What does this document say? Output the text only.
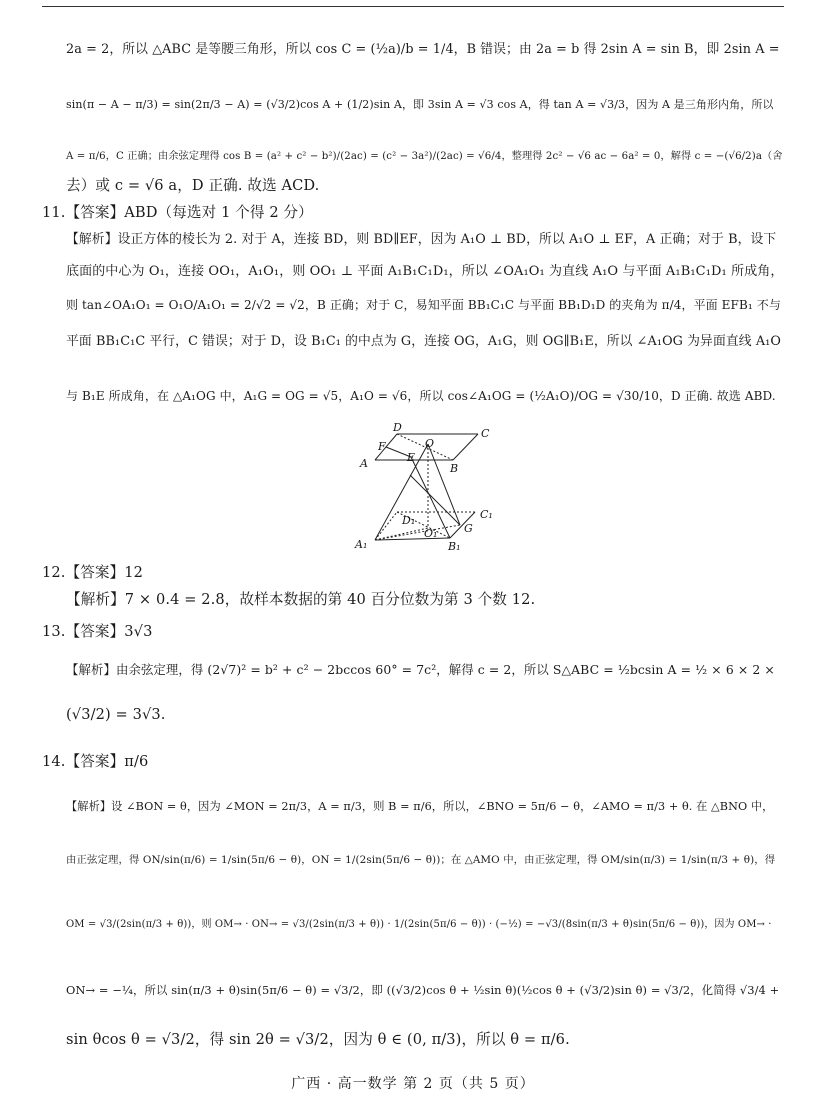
2a = 2，所以 △ABC 是等腰三角形，所以 cos C = (½a)/b = 1/4，B 错误；由 2a = b 得 2sin A = sin B，即 2sin A =
sin(π − A − π/3) = sin(2π/3 − A) = (√3/2)cos A + (1/2)sin A，即 3sin A = √3 cos A，得 tan A = √3/3，因为 A 是三角形内角，所以
A = π/6，C 正确；由余弦定理得 cos B = (a² + c² − b²)/(2ac) = (c² − 3a²)/(2ac) = √6/4，整理得 2c² − √6 ac − 6a² = 0，解得 c = −(√6/2)a（舍
去）或 c = √6 a，D 正确. 故选 ACD.
11.【答案】ABD（每选对 1 个得 2 分）
【解析】设正方体的棱长为 2. 对于 A，连接 BD，则 BD∥EF，因为 A₁O ⊥ BD，所以 A₁O ⊥ EF，A 正确；对于 B，设下
底面的中心为 O₁，连接 OO₁，A₁O₁，则 OO₁ ⊥ 平面 A₁B₁C₁D₁，所以 ∠OA₁O₁ 为直线 A₁O 与平面 A₁B₁C₁D₁ 所成角，
则 tan∠OA₁O₁ = O₁O/A₁O₁ = 2/√2 = √2，B 正确；对于 C，易知平面 BB₁C₁C 与平面 BB₁D₁D 的夹角为 π/4，平面 EFB₁ 不与
平面 BB₁C₁C 平行，C 错误；对于 D，设 B₁C₁ 的中点为 G，连接 OG，A₁G，则 OG∥B₁E，所以 ∠A₁OG 为异面直线 A₁O
与 B₁E 所成角，在 △A₁OG 中，A₁G = OG = √5，A₁O = √6，所以 cos∠A₁OG = (½A₁O)/OG = √30/10，D 正确. 故选 ABD.
12.【答案】12
【解析】7 × 0.4 = 2.8，故样本数据的第 40 百分位数为第 3 个数 12.
13.【答案】3√3
【解析】由余弦定理，得 (2√7)² = b² + c² − 2bccos 60° = 7c²，解得 c = 2，所以 S△ABC = ½bcsin A = ½ × 6 × 2 ×
(√3/2) = 3√3.
14.【答案】π/6
【解析】设 ∠BON = θ，因为 ∠MON = 2π/3，A = π/3，则 B = π/6，所以，∠BNO = 5π/6 − θ，∠AMO = π/3 + θ. 在 △BNO 中，
由正弦定理，得 ON/sin(π/6) = 1/sin(5π/6 − θ)，ON = 1/(2sin(5π/6 − θ))；在 △AMO 中，由正弦定理，得 OM/sin(π/3) = 1/sin(π/3 + θ)，得
OM = √3/(2sin(π/3 + θ))，则 OM→ · ON→ = √3/(2sin(π/3 + θ)) · 1/(2sin(5π/6 − θ)) · (−½) = −√3/(8sin(π/3 + θ)sin(5π/6 − θ))，因为 OM→ ·
ON→ = −¼，所以 sin(π/3 + θ)sin(5π/6 − θ) = √3/2，即 ((√3/2)cos θ + ½sin θ)(½cos θ + (√3/2)sin θ) = √3/2，化简得 √3/4 +
sin θcos θ = √3/2，得 sin 2θ = √3/2，因为 θ ∈ (0, π/3)，所以 θ = π/6.
D	C
F	O
A	E
B
D₁	C₁
A₁
O₁ G
B₁
广西 · 高一数学 第 2 页（共 5 页）
